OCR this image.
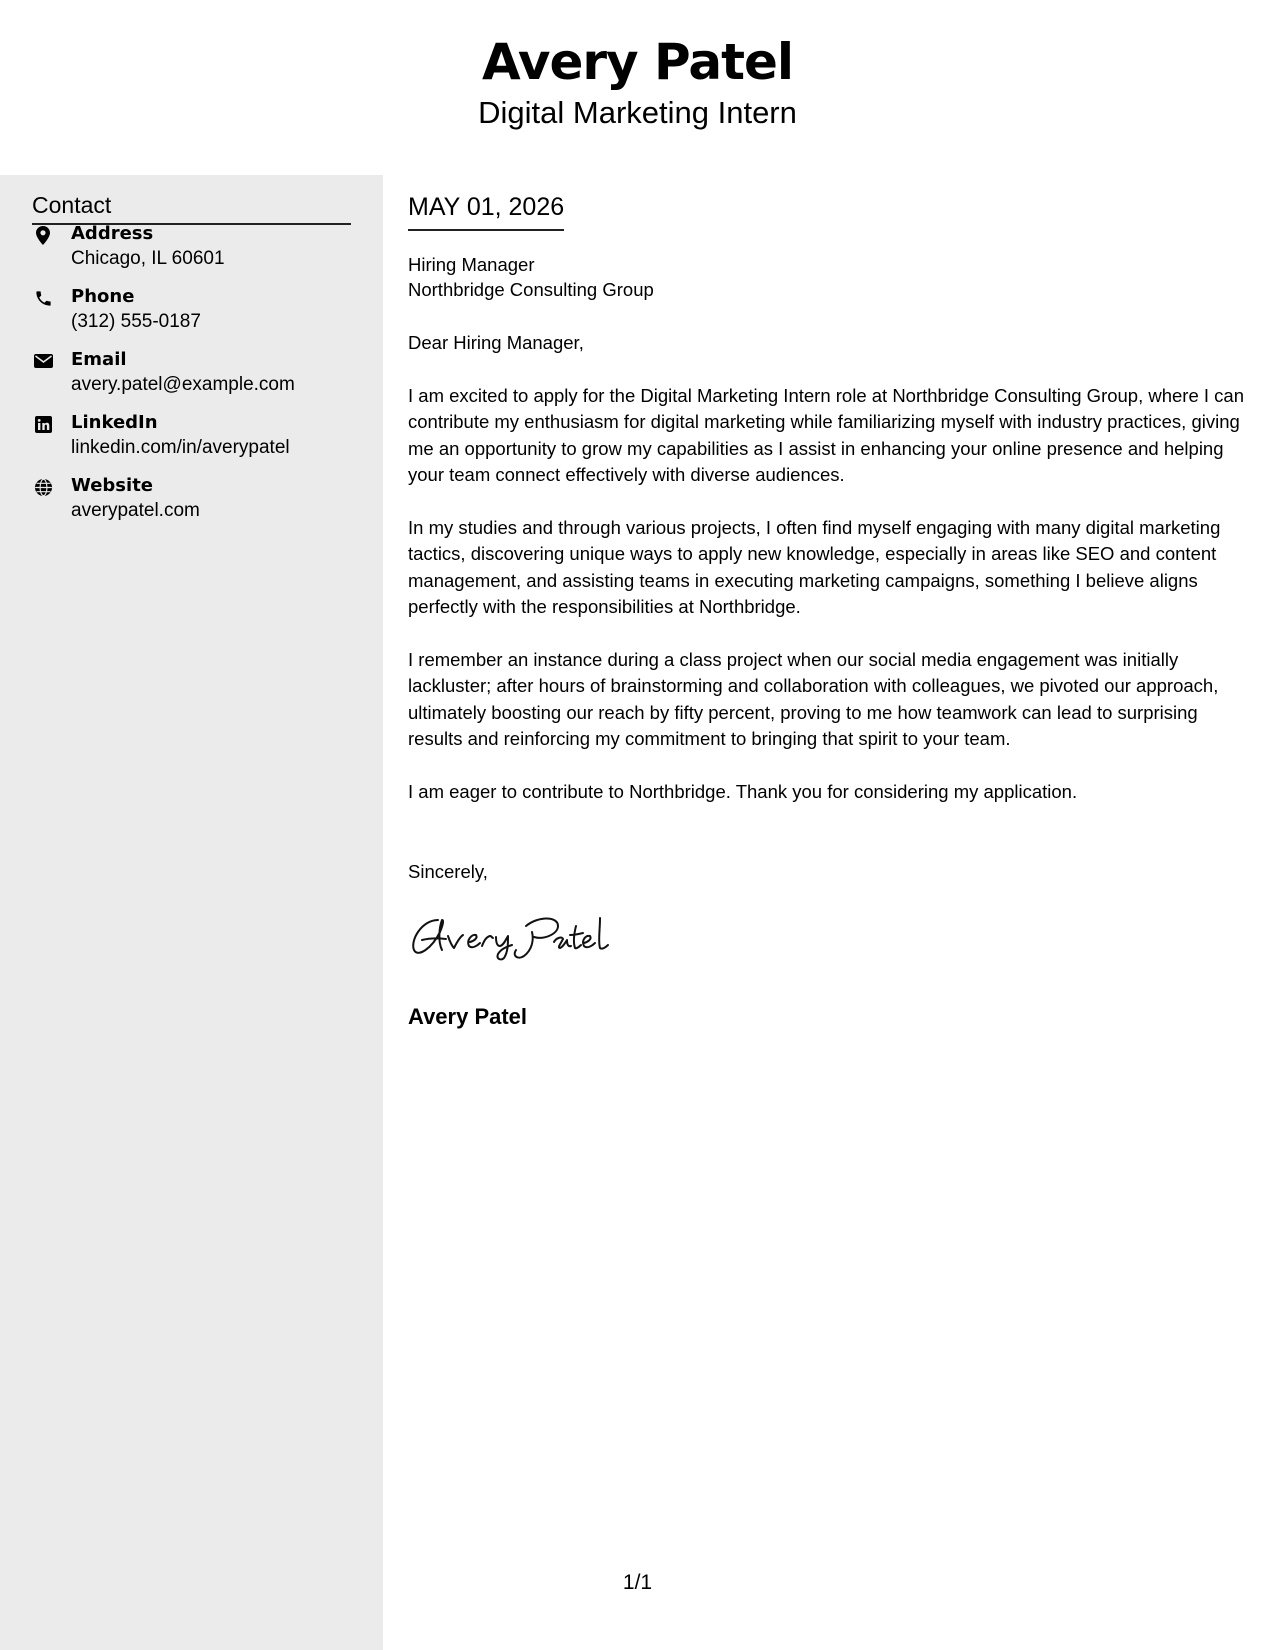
Avery Patel
Digital Marketing Intern
Contact
Address
Chicago, IL 60601
Phone
(312) 555-0187
Email
avery.patel@example.com
LinkedIn
linkedin.com/in/averypatel
Website
averypatel.com
MAY 01, 2026
Hiring Manager
Northbridge Consulting Group
Dear Hiring Manager,

I am excited to apply for the Digital Marketing Intern role at Northbridge Consulting Group, where I can contribute my enthusiasm for digital marketing while familiarizing myself with industry practices, giving me an opportunity to grow my capabilities as I assist in enhancing your online presence and helping your team connect effectively with diverse audiences.

In my studies and through various projects, I often find myself engaging with many digital marketing tactics, discovering unique ways to apply new knowledge, especially in areas like SEO and content management, and assisting teams in executing marketing campaigns, something I believe aligns perfectly with the responsibilities at Northbridge.

I remember an instance during a class project when our social media engagement was initially lackluster; after hours of brainstorming and collaboration with colleagues, we pivoted our approach, ultimately boosting our reach by fifty percent, proving to me how teamwork can lead to surprising results and reinforcing my commitment to bringing that spirit to your team.

I am eager to contribute to Northbridge. Thank you for considering my application.

Sincerely,
Avery Patel
1/1
